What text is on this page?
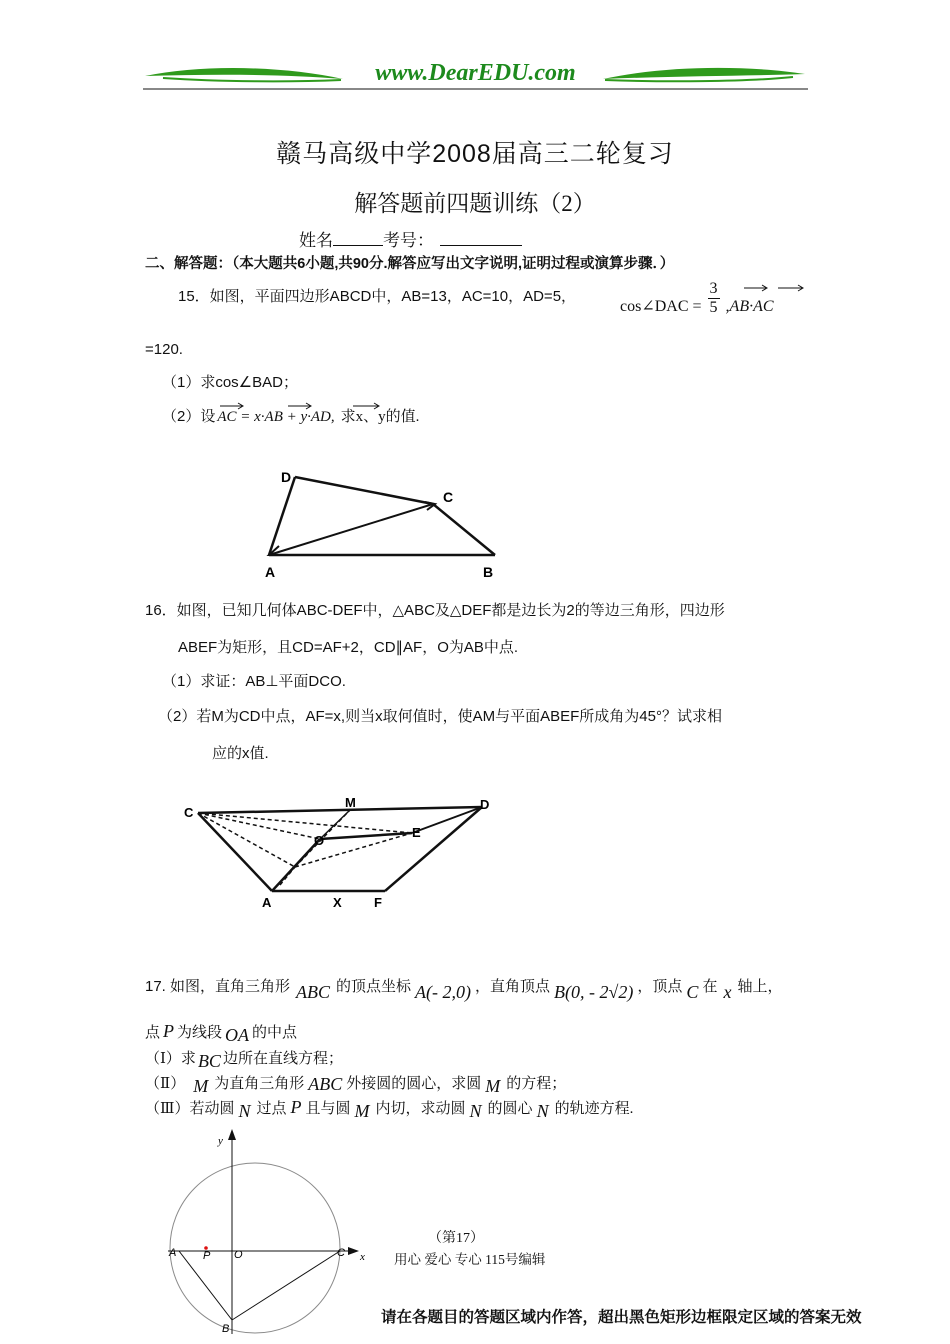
www.DearEDU.com
赣马高级中学2008届高三二轮复习
解答题前四题训练（2）
姓名	考号：
二、解答题：（本大题共6小题,共90分.解答应写出文字说明,证明过程或演算步骤．）
15．如图，平面四边形ABCD中，AB=13，AC=10，AD=5，
cos∠DAC = $\frac{3}{5} ,AB\cdot AC$
=120.
（1）求cos∠BAD；
（2）设 AC = x·AB + y·AD, 求x、y的值.
D
C
A	B
16．如图，已知几何体ABC-DEF中，△ABC及△DEF都是边长为2的等边三角形，四边形
ABEF为矩形，且CD=AF+2，CD∥AF，O为AB中点.
（1）求证：AB⊥平面DCO.
（2）若M为CD中点，AF=x,则当x取何值时，使AM与平面ABEF所成角为45°？试求相
应的x值.
C
M	D
O
E
A	X F
17. 如图，直角三角形 ABC 的顶点坐标 A(- 2,0) ，直角顶点 B(0, - 2√2) ，顶点 C 在 x 轴上，
点 P 为线段 OA 的中点
（Ⅰ）求 BC 边所在直线方程；
（Ⅱ） M 为直角三角形 ABC 外接圆的圆心，求圆 M 的方程；
（Ⅲ）若动圆 N 过点 P 且与圆 M 内切，求动圆 N 的圆心 N 的轨迹方程.
y
x
A P O	C
B
（第17）
用心 爱心 专心 115号编辑
请在各题目的答题区域内作答，超出黑色矩形边框限定区域的答案无效
